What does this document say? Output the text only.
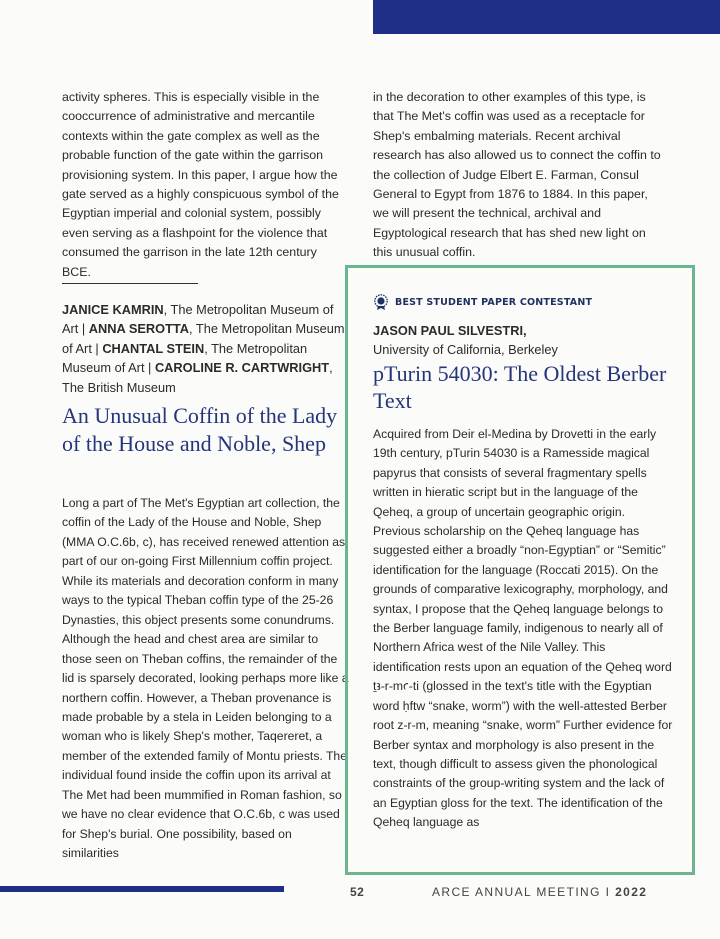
activity spheres. This is especially visible in the cooccurrence of administrative and mercantile contexts within the gate complex as well as the probable function of the gate within the garrison provisioning system. In this paper, I argue how the gate served as a highly conspicuous symbol of the Egyptian imperial and colonial system, possibly even serving as a flashpoint for the violence that consumed the garrison in the late 12th century BCE.

in the decoration to other examples of this type, is that The Met's coffin was used as a receptacle for Shep's embalming materials. Recent archival research has also allowed us to connect the coffin to the collection of Judge Elbert E. Farman, Consul General to Egypt from 1876 to 1884. In this paper, we will present the technical, archival and Egyptological research that has shed new light on this unusual coffin.

JANICE KAMRIN, The Metropolitan Museum of Art | ANNA SEROTTA, The Metropolitan Museum of Art | CHANTAL STEIN, The Metropolitan Museum of Art | CAROLINE R. CARTWRIGHT, The British Museum
An Unusual Coffin of the Lady of the House and Noble, Shep

Long a part of The Met's Egyptian art collection, the coffin of the Lady of the House and Noble, Shep (MMA O.C.6b, c), has received renewed attention as part of our on-going First Millennium coffin project. While its materials and decoration conform in many ways to the typical Theban coffin type of the 25-26 Dynasties, this object presents some conundrums. Although the head and chest area are similar to those seen on Theban coffins, the remainder of the lid is sparsely decorated, looking perhaps more like a northern coffin. However, a Theban provenance is made probable by a stela in Leiden belonging to a woman who is likely Shep's mother, Taqereret, a member of the extended family of Montu priests. The individual found inside the coffin upon its arrival at The Met had been mummified in Roman fashion, so we have no clear evidence that O.C.6b, c was used for Shep's burial. One possibility, based on similarities

BEST STUDENT PAPER CONTESTANT
JASON PAUL SILVESTRI,
University of California, Berkeley
pTurin 54030: The Oldest Berber Text

Acquired from Deir el-Medina by Drovetti in the early 19th century, pTurin 54030 is a Ramesside magical papyrus that consists of several fragmentary spells written in hieratic script but in the language of the Qeheq, a group of uncertain geographic origin. Previous scholarship on the Qeheq language has suggested either a broadly “non-Egyptian” or “Semitic” identification for the language (Roccati 2015). On the grounds of comparative lexicography, morphology, and syntax, I propose that the Qeheq language belongs to the Berber language family, indigenous to nearly all of Northern Africa west of the Nile Valley. This identification rests upon an equation of the Qeheq word ṯꜣ-r-mꜥ-ti (glossed in the text's title with the Egyptian word ḥftw “snake, worm”) with the well-attested Berber root z-r-m, meaning “snake, worm” Further evidence for Berber syntax and morphology is also present in the text, though difficult to assess given the phonological constraints of the group-writing system and the lack of an Egyptian gloss for the text. The identification of the Qeheq language as

52	ARCE ANNUAL MEETING I 2022
